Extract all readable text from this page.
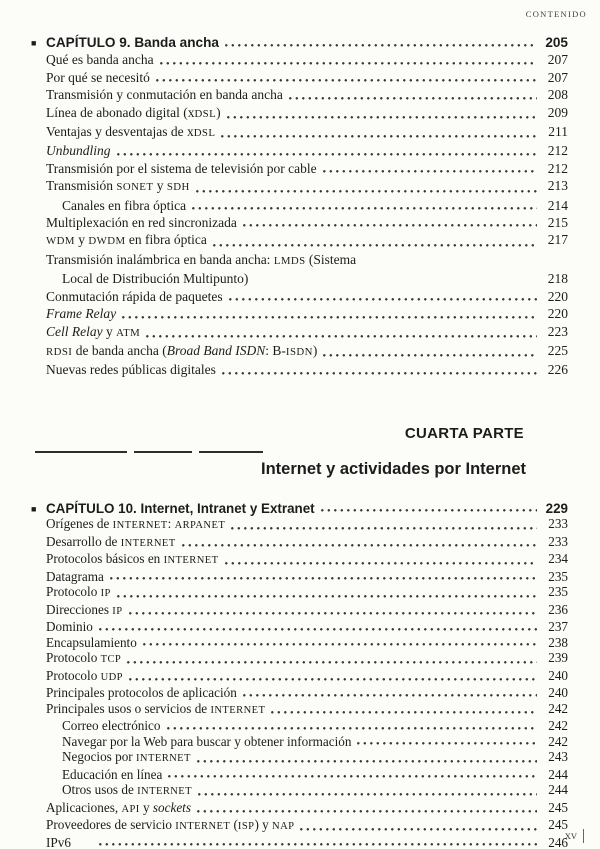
CONTENIDO
■ CAPÍTULO 9. Banda ancha	205
Qué es banda ancha	207
Por qué se necesitó	207
Transmisión y conmutación en banda ancha	208
Línea de abonado digital (xDSL)	209
Ventajas y desventajas de xDSL	211
Unbundling	212
Transmisión por el sistema de televisión por cable	212
Transmisión SONET y SDH	213
Canales en fibra óptica	214
Multiplexación en red sincronizada	215
WDM y DWDM en fibra óptica	217
Transmisión inalámbrica en banda ancha: LMDS (Sistema
Local de Distribución Multipunto)	218
Conmutación rápida de paquetes	220
Frame Relay	220
Cell Relay y ATM	223
RDSI de banda ancha (Broad Band ISDN: B-ISDN)	225
Nuevas redes públicas digitales	226
CUARTA PARTE
Internet y actividades por Internet
■ CAPÍTULO 10. Internet, Intranet y Extranet	229
Orígenes de INTERNET: ARPANET	233
Desarrollo de INTERNET	233
Protocolos básicos en INTERNET	234
Datagrama	235
Protocolo IP	235
Direcciones IP	236
Dominio	237
Encapsulamiento	238
Protocolo TCP	239
Protocolo UDP	240
Principales protocolos de aplicación	240
Principales usos o servicios de INTERNET	242
Correo electrónico	242
Navegar por la Web para buscar y obtener información	242
Negocios por INTERNET	243
Educación en línea	244
Otros usos de INTERNET	244
Aplicaciones, API y sockets	245
Proveedores de servicio INTERNET (ISP) y NAP	245
IPv6	246
XV
